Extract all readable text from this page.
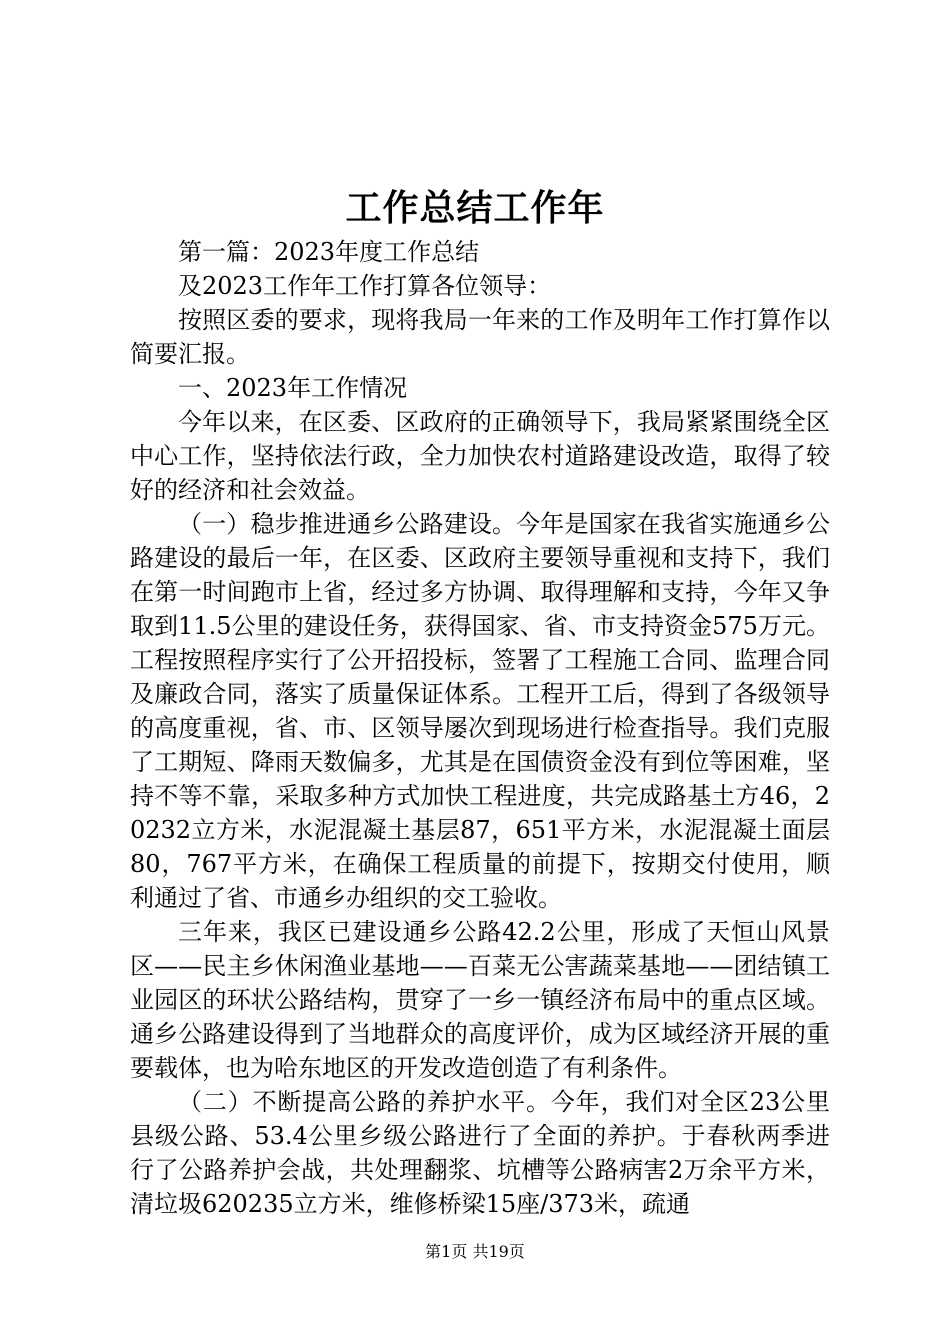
工作总结工作年

第一篇：2023年度工作总结

及2023工作年工作打算各位领导：

按照区委的要求，现将我局一年来的工作及明年工作打算作以简要汇报。

一、2023年工作情况

今年以来，在区委、区政府的正确领导下，我局紧紧围绕全区中心工作，坚持依法行政，全力加快农村道路建设改造，取得了较好的经济和社会效益。

（一）稳步推进通乡公路建设。今年是国家在我省实施通乡公路建设的最后一年，在区委、区政府主要领导重视和支持下，我们在第一时间跑市上省，经过多方协调、取得理解和支持，今年又争取到11.5公里的建设任务，获得国家、省、市支持资金575万元。工程按照程序实行了公开招投标，签署了工程施工合同、监理合同及廉政合同，落实了质量保证体系。工程开工后，得到了各级领导的高度重视，省、市、区领导屡次到现场进行检查指导。我们克服了工期短、降雨天数偏多，尤其是在国债资金没有到位等困难，坚持不等不靠，采取多种方式加快工程进度，共完成路基土方46，20232立方米，水泥混凝土基层87，651平方米，水泥混凝土面层80，767平方米，在确保工程质量的前提下，按期交付使用，顺利通过了省、市通乡办组织的交工验收。

三年来，我区已建设通乡公路42.2公里，形成了天恒山风景区——民主乡休闲渔业基地——百菜无公害蔬菜基地——团结镇工业园区的环状公路结构，贯穿了一乡一镇经济布局中的重点区域。通乡公路建设得到了当地群众的高度评价，成为区域经济开展的重要载体，也为哈东地区的开发改造创造了有利条件。

（二）不断提高公路的养护水平。今年，我们对全区23公里县级公路、53.4公里乡级公路进行了全面的养护。于春秋两季进行了公路养护会战，共处理翻浆、坑槽等公路病害2万余平方米，清垃圾620235立方米，维修桥梁15座/373米，疏通

第1页 共19页
